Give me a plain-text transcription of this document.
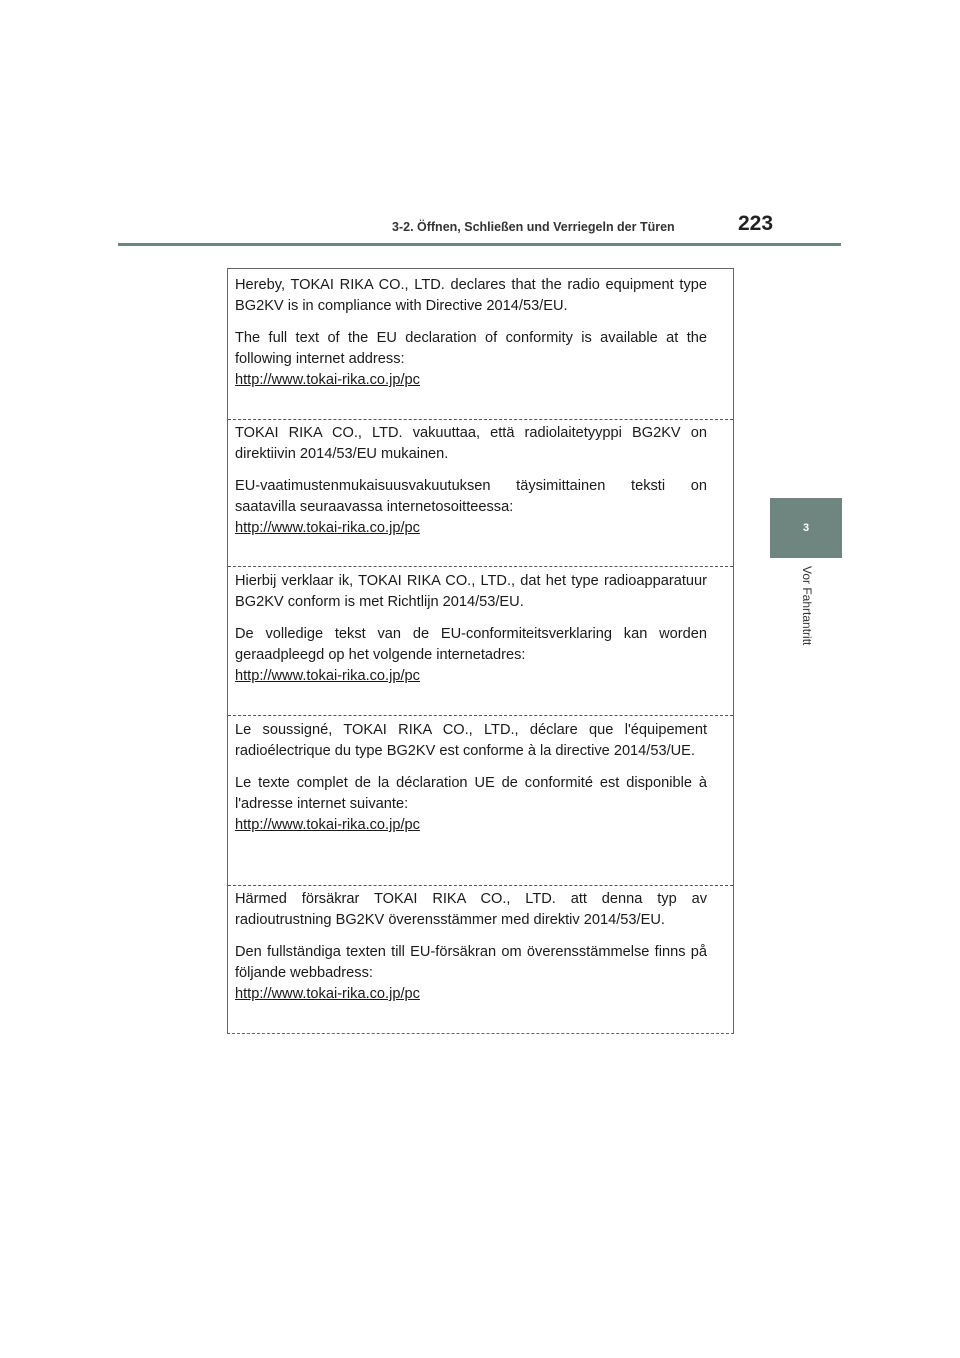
3-2. Öffnen, Schließen und Verriegeln der Türen	223
3
Vor Fahrtantritt

Hereby, TOKAI RIKA CO., LTD. declares that the radio equipment type BG2KV is in compliance with Directive 2014/53/EU.

The full text of the EU declaration of conformity is available at the following internet address:
http://www.tokai-rika.co.jp/pc

TOKAI RIKA CO., LTD. vakuuttaa, että radiolaitetyyppi BG2KV on direktiivin 2014/53/EU mukainen.

EU-vaatimustenmukaisuusvakuutuksen täysimittainen teksti on saatavilla seuraavassa internetosoitteessa:
http://www.tokai-rika.co.jp/pc

Hierbij verklaar ik, TOKAI RIKA CO., LTD., dat het type radioapparatuur BG2KV conform is met Richtlijn 2014/53/EU.

De volledige tekst van de EU-conformiteitsverklaring kan worden geraadpleegd op het volgende internetadres:
http://www.tokai-rika.co.jp/pc

Le soussigné, TOKAI RIKA CO., LTD., déclare que l'équipement radioélectrique du type BG2KV est conforme à la directive 2014/53/UE.

Le texte complet de la déclaration UE de conformité est disponible à l'adresse internet suivante:
http://www.tokai-rika.co.jp/pc

Härmed försäkrar TOKAI RIKA CO., LTD. att denna typ av radioutrustning BG2KV överensstämmer med direktiv 2014/53/EU.

Den fullständiga texten till EU-försäkran om överensstämmelse finns på följande webbadress:
http://www.tokai-rika.co.jp/pc
